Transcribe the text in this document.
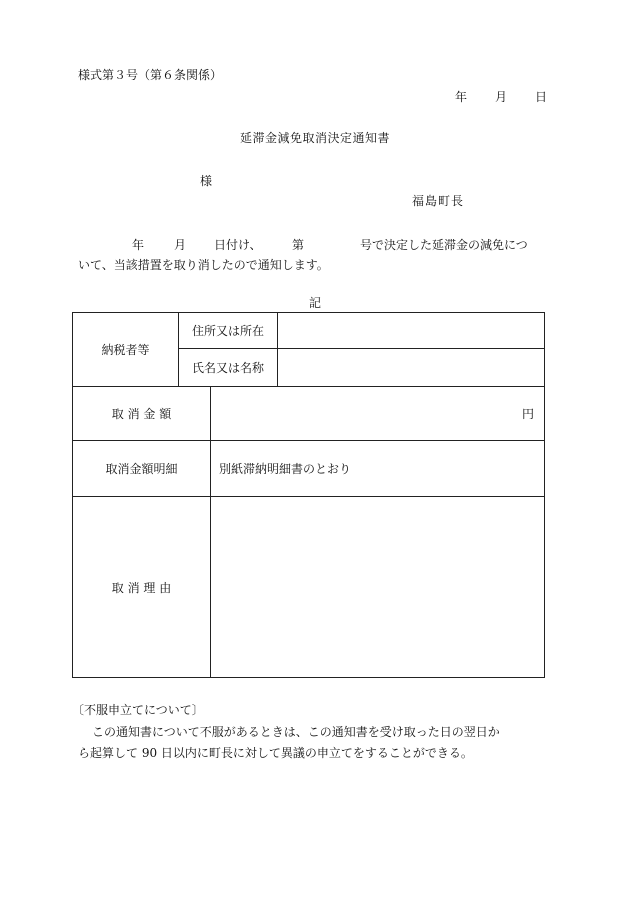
様式第３号（第６条関係）
年 月 日
延滞金減免取消決定通知書
様
福島町長
年 月 日付け、	第	号で決定した延滞金の減免につ
いて、当該措置を取り消したので通知します。
記
納税者等	住所又は所在		
	氏名又は名称		
取 消 金 額		円	
取消金額明細		別紙滞納明細書のとおり	
取 消 理 由			
〔不服申立てについて〕
この通知書について不服があるときは、この通知書を受け取った日の翌日か
ら起算して 90 日以内に町長に対して異議の申立てをすることができる。
